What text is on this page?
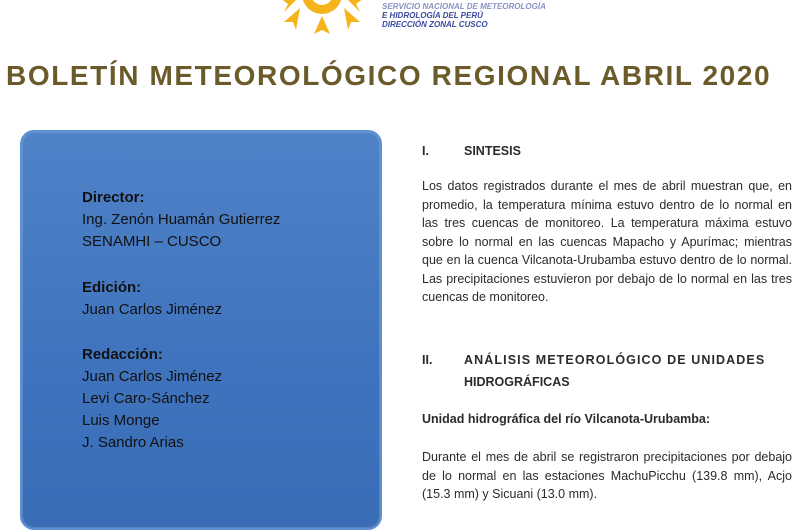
SERVICIO NACIONAL DE METEOROLOGÍA
E HIDROLOGÍA DEL PERÚ
DIRECCIÓN ZONAL CUSCO
BOLETÍN METEOROLÓGICO REGIONAL ABRIL 2020
Director:
Ing. Zenón Huamán Gutierrez
SENAMHI – CUSCO
Edición:
Juan Carlos Jiménez
Redacción:
Juan Carlos Jiménez
Levi Caro-Sánchez
Luis Monge
J. Sandro Arias
I.	SINTESIS
Los datos registrados durante el mes de abril muestran que, en promedio, la temperatura mínima estuvo dentro de lo normal en las tres cuencas de monitoreo. La temperatura máxima estuvo sobre lo normal en las cuencas Mapacho y Apurímac; mientras que en la cuenca Vilcanota-Urubamba estuvo dentro de lo normal. Las precipitaciones estuvieron por debajo de lo normal en las tres cuencas de monitoreo.
II.	ANÁLISIS METEOROLÓGICO DE UNIDADES
HIDROGRÁFICAS
Unidad hidrográfica del río Vilcanota-Urubamba:
Durante el mes de abril se registraron precipitaciones por debajo de lo normal en las estaciones MachuPicchu (139.8 mm), Acjo (15.3 mm) y Sicuani (13.0 mm).
